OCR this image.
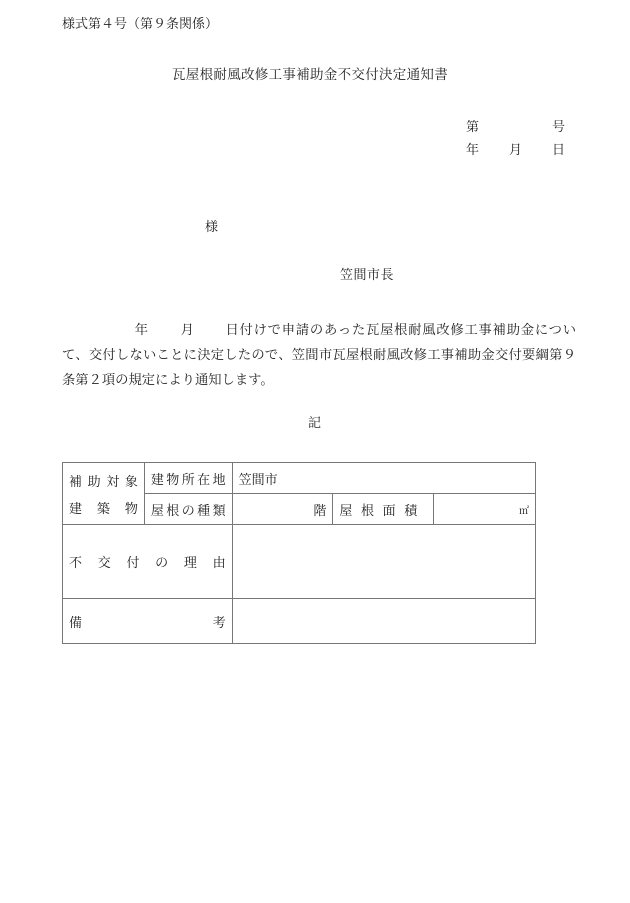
様式第４号（第９条関係）
瓦屋根耐風改修工事補助金不交付決定通知書
第	号
年 月 日
様
笠間市長
年 月 日付けで申請のあった瓦屋根耐風改修工事補助金について、交付しないことに決定したので、笠間市瓦屋根耐風改修工事補助金交付要綱第９条第２項の規定により通知します。
記
補助対象
建築物	建物所在地	笠間市		
	屋根の種類	階	屋根面積	㎡
不交付の理由				
備考				
